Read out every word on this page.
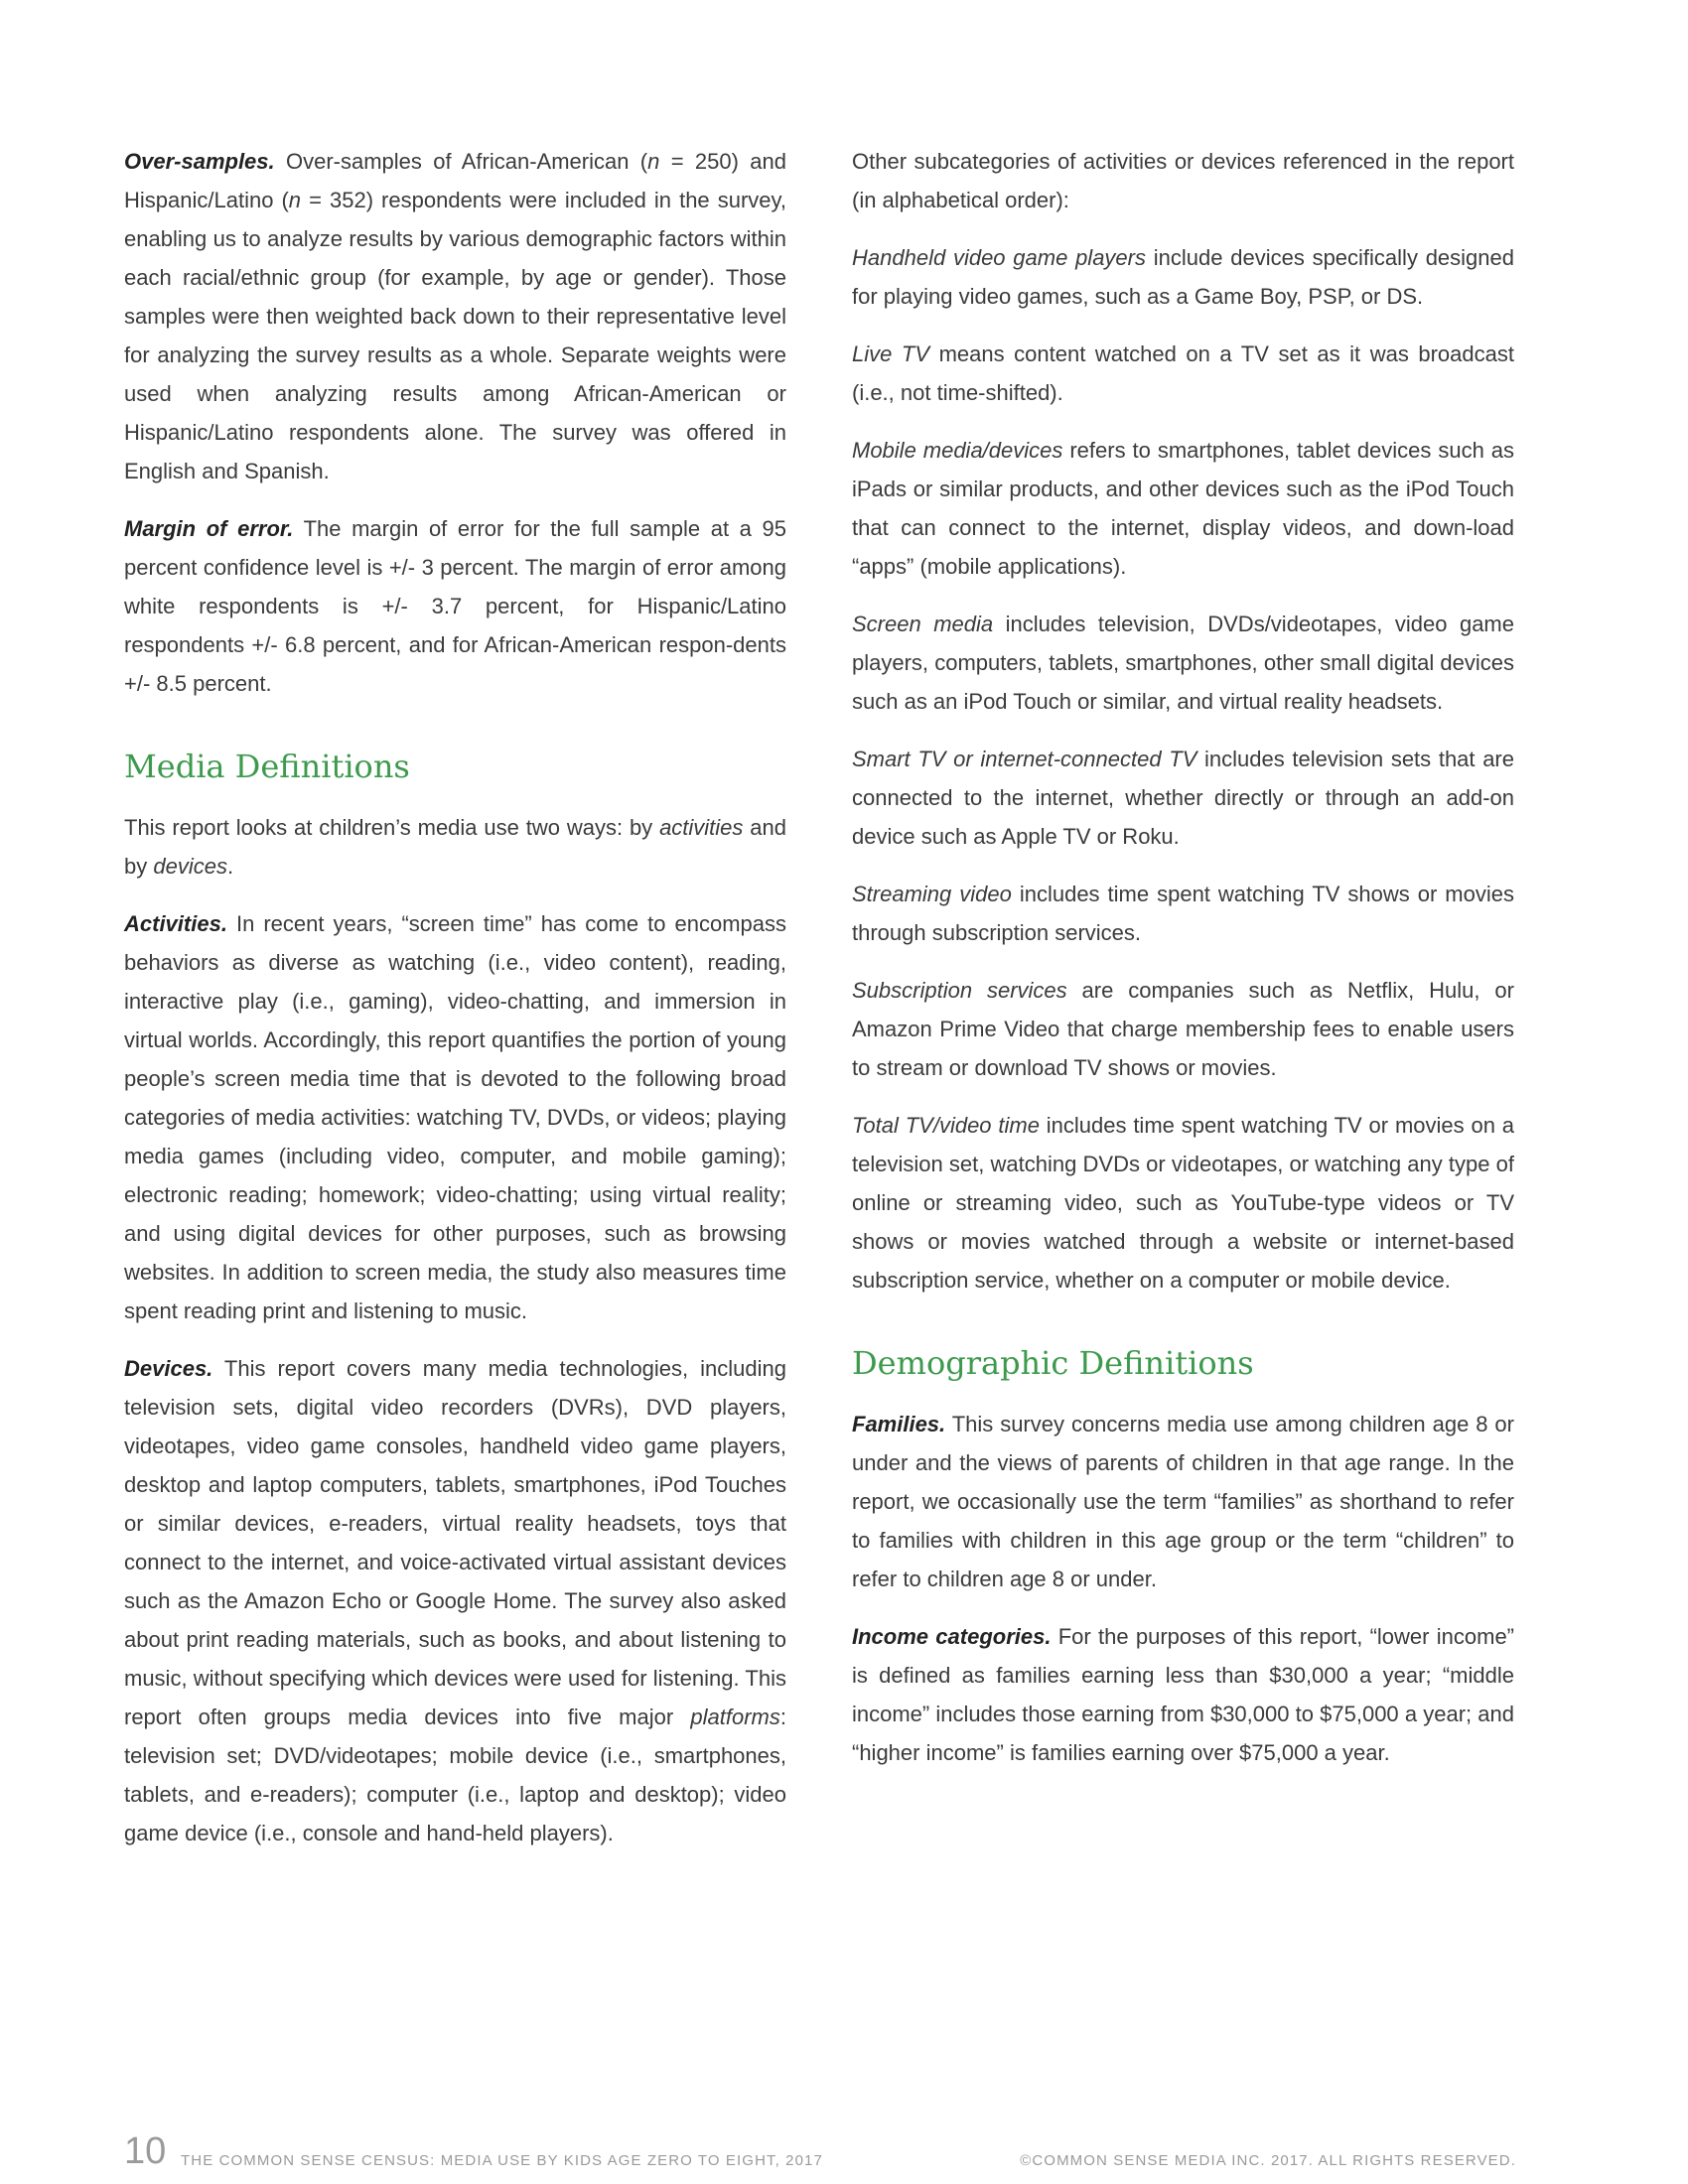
Over-samples. Over-samples of African-American (n = 250) and Hispanic/Latino (n = 352) respondents were included in the survey, enabling us to analyze results by various demographic factors within each racial/ethnic group (for example, by age or gender). Those samples were then weighted back down to their representative level for analyzing the survey results as a whole. Separate weights were used when analyzing results among African-American or Hispanic/Latino respondents alone. The survey was offered in English and Spanish.

Margin of error. The margin of error for the full sample at a 95 percent confidence level is +/- 3 percent. The margin of error among white respondents is +/- 3.7 percent, for Hispanic/Latino respondents +/- 6.8 percent, and for African-American respon-dents +/- 8.5 percent.

Media Definitions

This report looks at children’s media use two ways: by activities and by devices.

Activities. In recent years, “screen time” has come to encompass behaviors as diverse as watching (i.e., video content), reading, interactive play (i.e., gaming), video-chatting, and immersion in virtual worlds. Accordingly, this report quantifies the portion of young people’s screen media time that is devoted to the following broad categories of media activities: watching TV, DVDs, or videos; playing media games (including video, computer, and mobile gaming); electronic reading; homework; video-chatting; using virtual reality; and using digital devices for other purposes, such as browsing websites. In addition to screen media, the study also measures time spent reading print and listening to music.

Devices. This report covers many media technologies, including television sets, digital video recorders (DVRs), DVD players, videotapes, video game consoles, handheld video game players, desktop and laptop computers, tablets, smartphones, iPod Touches or similar devices, e-readers, virtual reality headsets, toys that connect to the internet, and voice-activated virtual assistant devices such as the Amazon Echo or Google Home. The survey also asked about print reading materials, such as books, and about listening to music, without specifying which devices were used for listening. This report often groups media devices into five major platforms: television set; DVD/videotapes; mobile device (i.e., smartphones, tablets, and e-readers); computer (i.e., laptop and desktop); video game device (i.e., console and hand-held players).

Other subcategories of activities or devices referenced in the report (in alphabetical order):

Handheld video game players include devices specifically designed for playing video games, such as a Game Boy, PSP, or DS.

Live TV means content watched on a TV set as it was broadcast (i.e., not time-shifted).

Mobile media/devices refers to smartphones, tablet devices such as iPads or similar products, and other devices such as the iPod Touch that can connect to the internet, display videos, and down-load “apps” (mobile applications).

Screen media includes television, DVDs/videotapes, video game players, computers, tablets, smartphones, other small digital devices such as an iPod Touch or similar, and virtual reality headsets.

Smart TV or internet-connected TV includes television sets that are connected to the internet, whether directly or through an add-on device such as Apple TV or Roku.

Streaming video includes time spent watching TV shows or movies through subscription services.

Subscription services are companies such as Netflix, Hulu, or Amazon Prime Video that charge membership fees to enable users to stream or download TV shows or movies.

Total TV/video time includes time spent watching TV or movies on a television set, watching DVDs or videotapes, or watching any type of online or streaming video, such as YouTube-type videos or TV shows or movies watched through a website or internet-based subscription service, whether on a computer or mobile device.

Demographic Definitions

Families. This survey concerns media use among children age 8 or under and the views of parents of children in that age range. In the report, we occasionally use the term “families” as shorthand to refer to families with children in this age group or the term “children” to refer to children age 8 or under.

Income categories. For the purposes of this report, “lower income” is defined as families earning less than $30,000 a year; “middle income” includes those earning from $30,000 to $75,000 a year; and “higher income” is families earning over $75,000 a year.

10 THE COMMON SENSE CENSUS: MEDIA USE BY KIDS AGE ZERO TO EIGHT, 2017	©COMMON SENSE MEDIA INC. 2017. ALL RIGHTS RESERVED.
